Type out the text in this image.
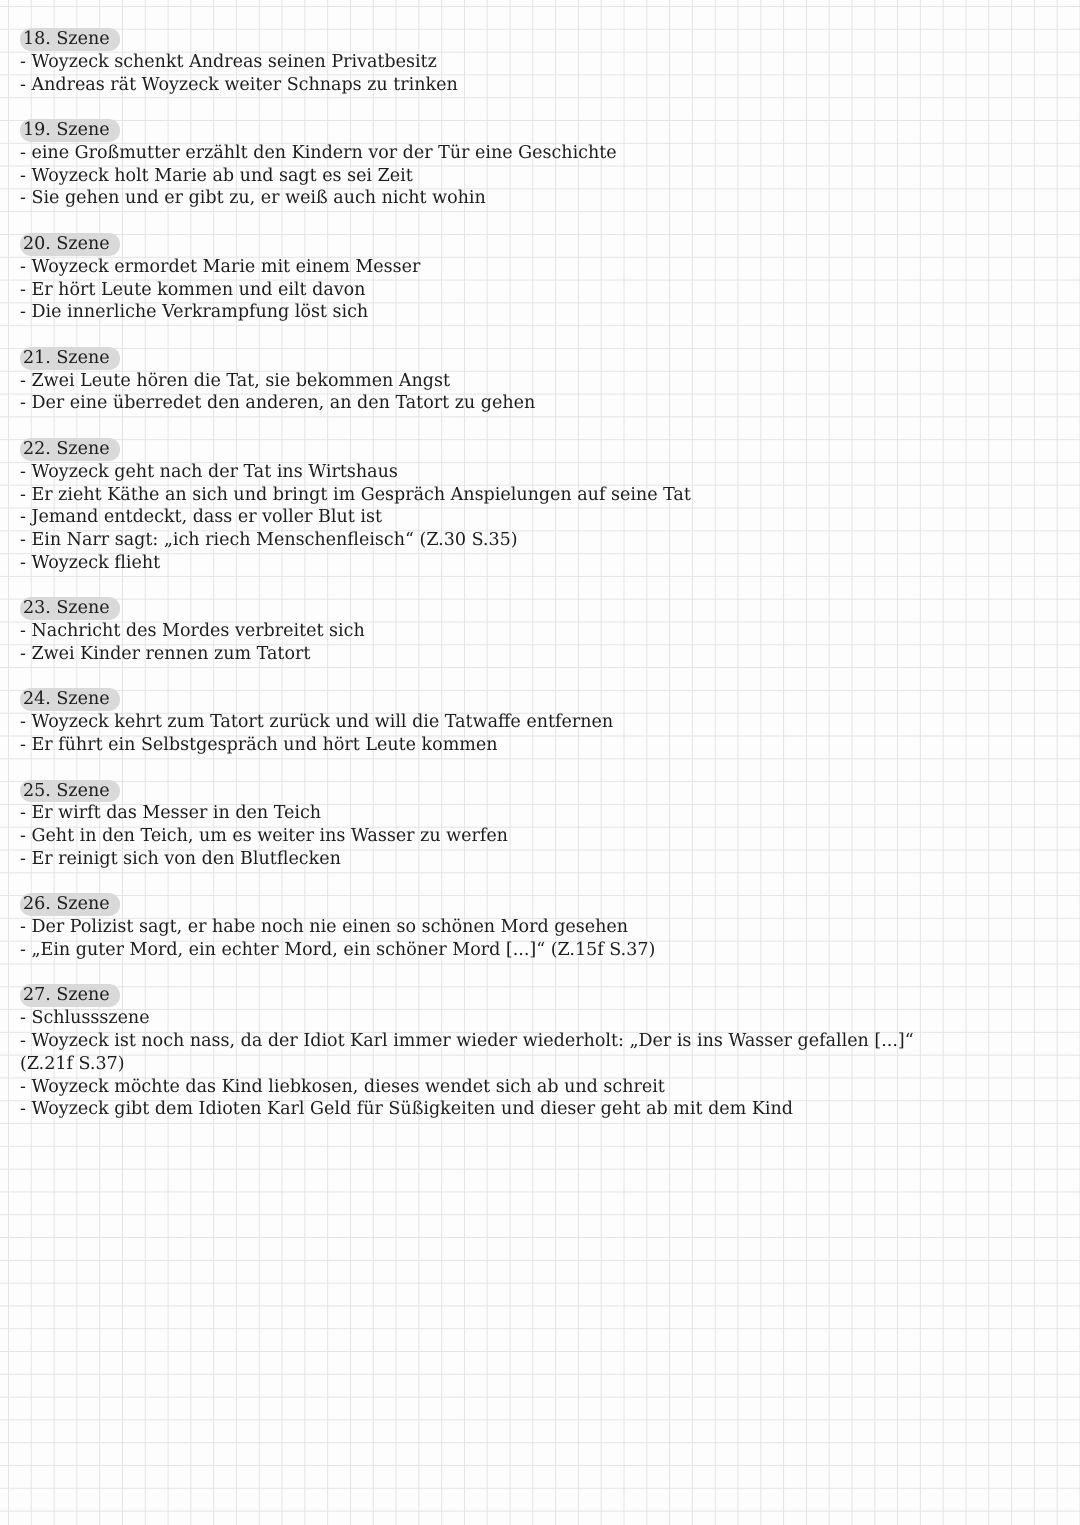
18. Szene
- Woyzeck schenkt Andreas seinen Privatbesitz
- Andreas rät Woyzeck weiter Schnaps zu trinken
19. Szene
- eine Großmutter erzählt den Kindern vor der Tür eine Geschichte
- Woyzeck holt Marie ab und sagt es sei Zeit
- Sie gehen und er gibt zu, er weiß auch nicht wohin
20. Szene
- Woyzeck ermordet Marie mit einem Messer
- Er hört Leute kommen und eilt davon
- Die innerliche Verkrampfung löst sich
21. Szene
- Zwei Leute hören die Tat, sie bekommen Angst
- Der eine überredet den anderen, an den Tatort zu gehen
22. Szene
- Woyzeck geht nach der Tat ins Wirtshaus
- Er zieht Käthe an sich und bringt im Gespräch Anspielungen auf seine Tat
- Jemand entdeckt, dass er voller Blut ist
- Ein Narr sagt: „ich riech Menschenfleisch“ (Z.30 S.35)
- Woyzeck flieht
23. Szene
- Nachricht des Mordes verbreitet sich
- Zwei Kinder rennen zum Tatort
24. Szene
- Woyzeck kehrt zum Tatort zurück und will die Tatwaffe entfernen
- Er führt ein Selbstgespräch und hört Leute kommen
25. Szene
- Er wirft das Messer in den Teich
- Geht in den Teich, um es weiter ins Wasser zu werfen
- Er reinigt sich von den Blutflecken
26. Szene
- Der Polizist sagt, er habe noch nie einen so schönen Mord gesehen
- „Ein guter Mord, ein echter Mord, ein schöner Mord [...]“ (Z.15f S.37)
27. Szene
- Schlussszene
- Woyzeck ist noch nass, da der Idiot Karl immer wieder wiederholt: „Der is ins Wasser gefallen [...]“ (Z.21f S.37)
- Woyzeck möchte das Kind liebkosen, dieses wendet sich ab und schreit
- Woyzeck gibt dem Idioten Karl Geld für Süßigkeiten und dieser geht ab mit dem Kind
